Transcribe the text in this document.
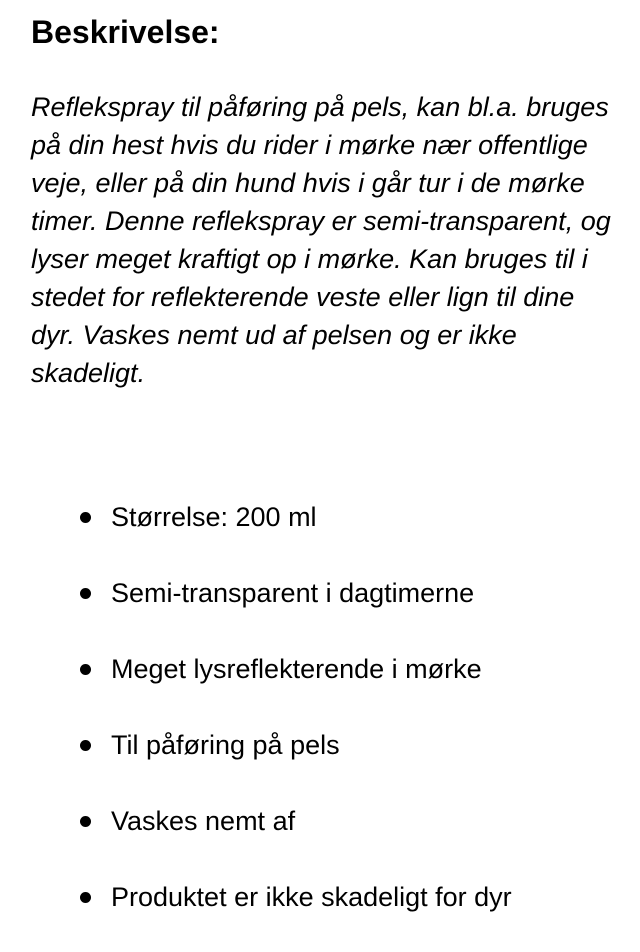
Beskrivelse:

Reflekspray til påføring på pels, kan bl.a. bruges på din hest hvis du rider i mørke nær offentlige veje, eller på din hund hvis i går tur i de mørke timer. Denne reflekspray er semi-transparent, og lyser meget kraftigt op i mørke. Kan bruges til i stedet for reflekterende veste eller lign til dine dyr. Vaskes nemt ud af pelsen og er ikke skadeligt.

Størrelse: 200 ml
Semi-transparent i dagtimerne
Meget lysreflekterende i mørke
Til påføring på pels
Vaskes nemt af
Produktet er ikke skadeligt for dyr
